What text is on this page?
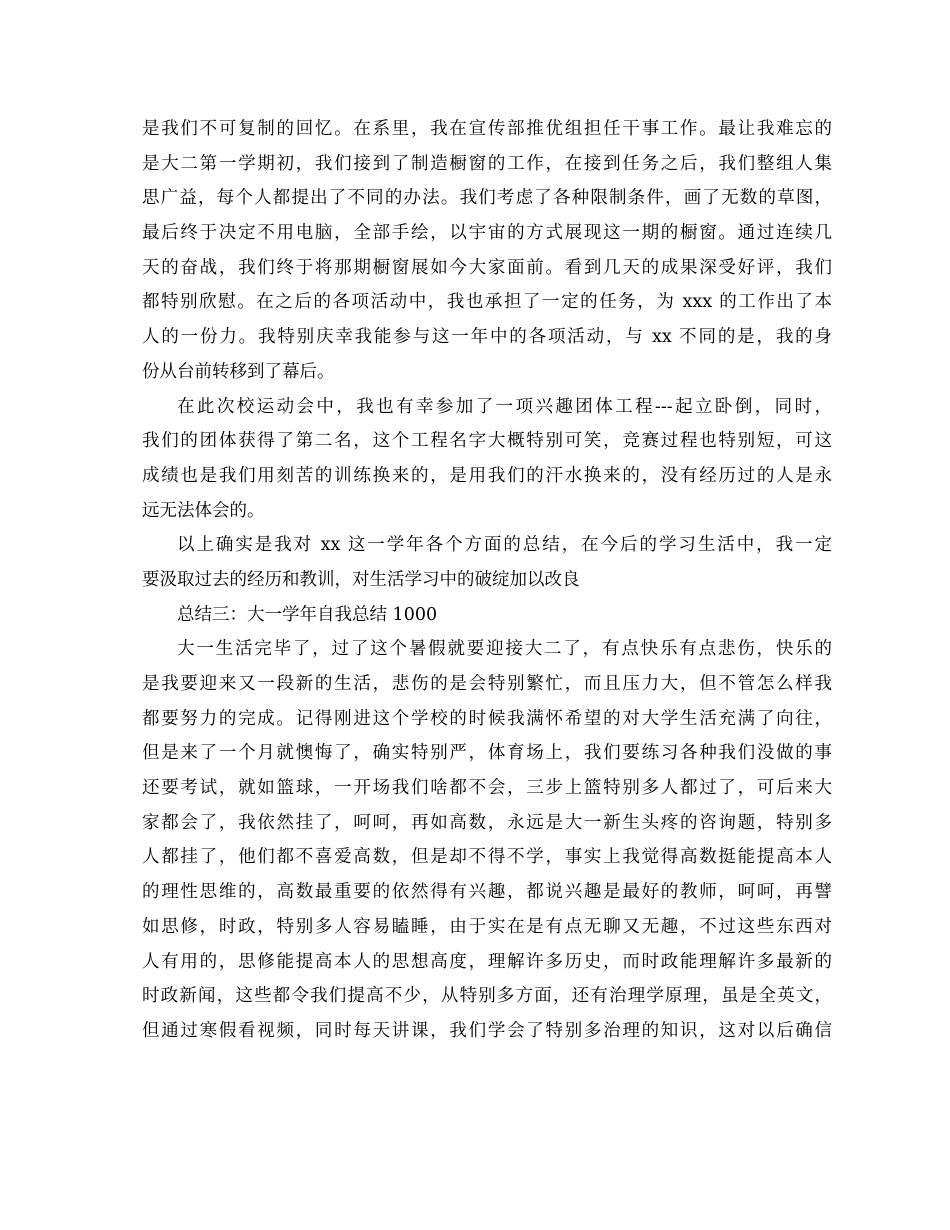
是我们不可复制的回忆。在系里，我在宣传部推优组担任干事工作。最让我难忘的
是大二第一学期初，我们接到了制造橱窗的工作，在接到任务之后，我们整组人集
思广益，每个人都提出了不同的办法。我们考虑了各种限制条件，画了无数的草图，
最后终于决定不用电脑，全部手绘，以宇宙的方式展现这一期的橱窗。通过连续几
天的奋战，我们终于将那期橱窗展如今大家面前。看到几天的成果深受好评，我们
都特别欣慰。在之后的各项活动中，我也承担了一定的任务，为 xxx 的工作出了本
人的一份力。我特别庆幸我能参与这一年中的各项活动，与 xx 不同的是，我的身
份从台前转移到了幕后。
在此次校运动会中，我也有幸参加了一项兴趣团体工程---起立卧倒，同时，
我们的团体获得了第二名，这个工程名字大概特别可笑，竞赛过程也特别短，可这
成绩也是我们用刻苦的训练换来的，是用我们的汗水换来的，没有经历过的人是永
远无法体会的。
以上确实是我对 xx 这一学年各个方面的总结，在今后的学习生活中，我一定
要汲取过去的经历和教训，对生活学习中的破绽加以改良
总结三：大一学年自我总结 1000
大一生活完毕了，过了这个暑假就要迎接大二了，有点快乐有点悲伤，快乐的
是我要迎来又一段新的生活，悲伤的是会特别繁忙，而且压力大，但不管怎么样我
都要努力的完成。记得刚进这个学校的时候我满怀希望的对大学生活充满了向往，
但是来了一个月就懊悔了，确实特别严，体育场上，我们要练习各种我们没做的事
还要考试，就如篮球，一开场我们啥都不会，三步上篮特别多人都过了，可后来大
家都会了，我依然挂了，呵呵，再如高数，永远是大一新生头疼的咨询题，特别多
人都挂了，他们都不喜爱高数，但是却不得不学，事实上我觉得高数挺能提高本人
的理性思维的，高数最重要的依然得有兴趣，都说兴趣是最好的教师，呵呵，再譬
如思修，时政，特别多人容易瞌睡，由于实在是有点无聊又无趣，不过这些东西对
人有用的，思修能提高本人的思想高度，理解许多历史，而时政能理解许多最新的
时政新闻，这些都令我们提高不少，从特别多方面，还有治理学原理，虽是全英文，
但通过寒假看视频，同时每天讲课，我们学会了特别多治理的知识，这对以后确信
